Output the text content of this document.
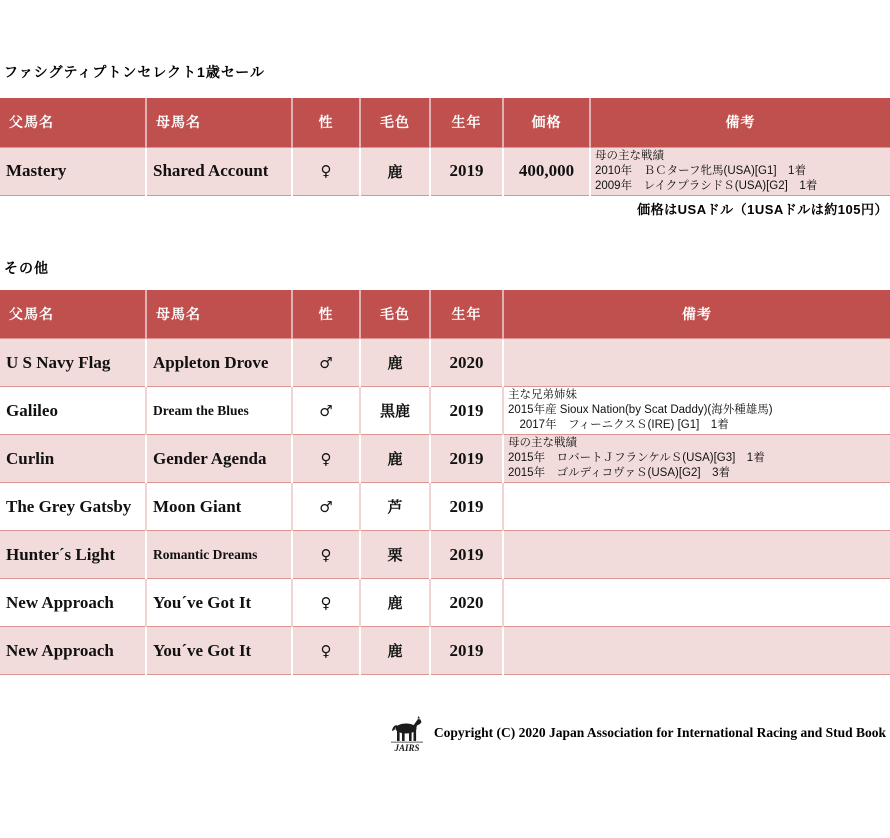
ファシグティプトンセレクト1歳セール
父馬名	母馬名	性	毛色	生年	価格	備考
Mastery	Shared Account	♀	鹿	2019	400,000	母の主な戦績
2010年　ＢＣターフ牝馬(USA)[G1]　1着
2009年　レイクプラシドＳ(USA)[G2]　1着
価格はUSAドル（1USAドルは約105円）
その他
父馬名	母馬名	性	毛色	生年	備考
U S Navy Flag	Appleton Drove	♂	鹿	2020	
Galileo	Dream the Blues	♂	黒鹿	2019	主な兄弟姉妹
2015年産 Sioux Nation(by Scat Daddy)(海外種雄馬)
　2017年　フィーニクスＳ(IRE) [G1]　1着

Curlin	Gender Agenda	♀	鹿	2019	母の主な戦績
2015年　ロバートＪフランケルＳ(USA)[G3]　1着
2015年　ゴルディコヴァＳ(USA)[G2]　3着

The Grey Gatsby	Moon Giant	♂	芦	2019	
Hunter´s Light	Romantic Dreams	♀	栗	2019	
New Approach	You´ve Got It	♀	鹿	2020	
New Approach	You´ve Got It	♀	鹿	2019	
JAIRS
Copyright (C) 2020 Japan Association for International Racing and Stud Book
